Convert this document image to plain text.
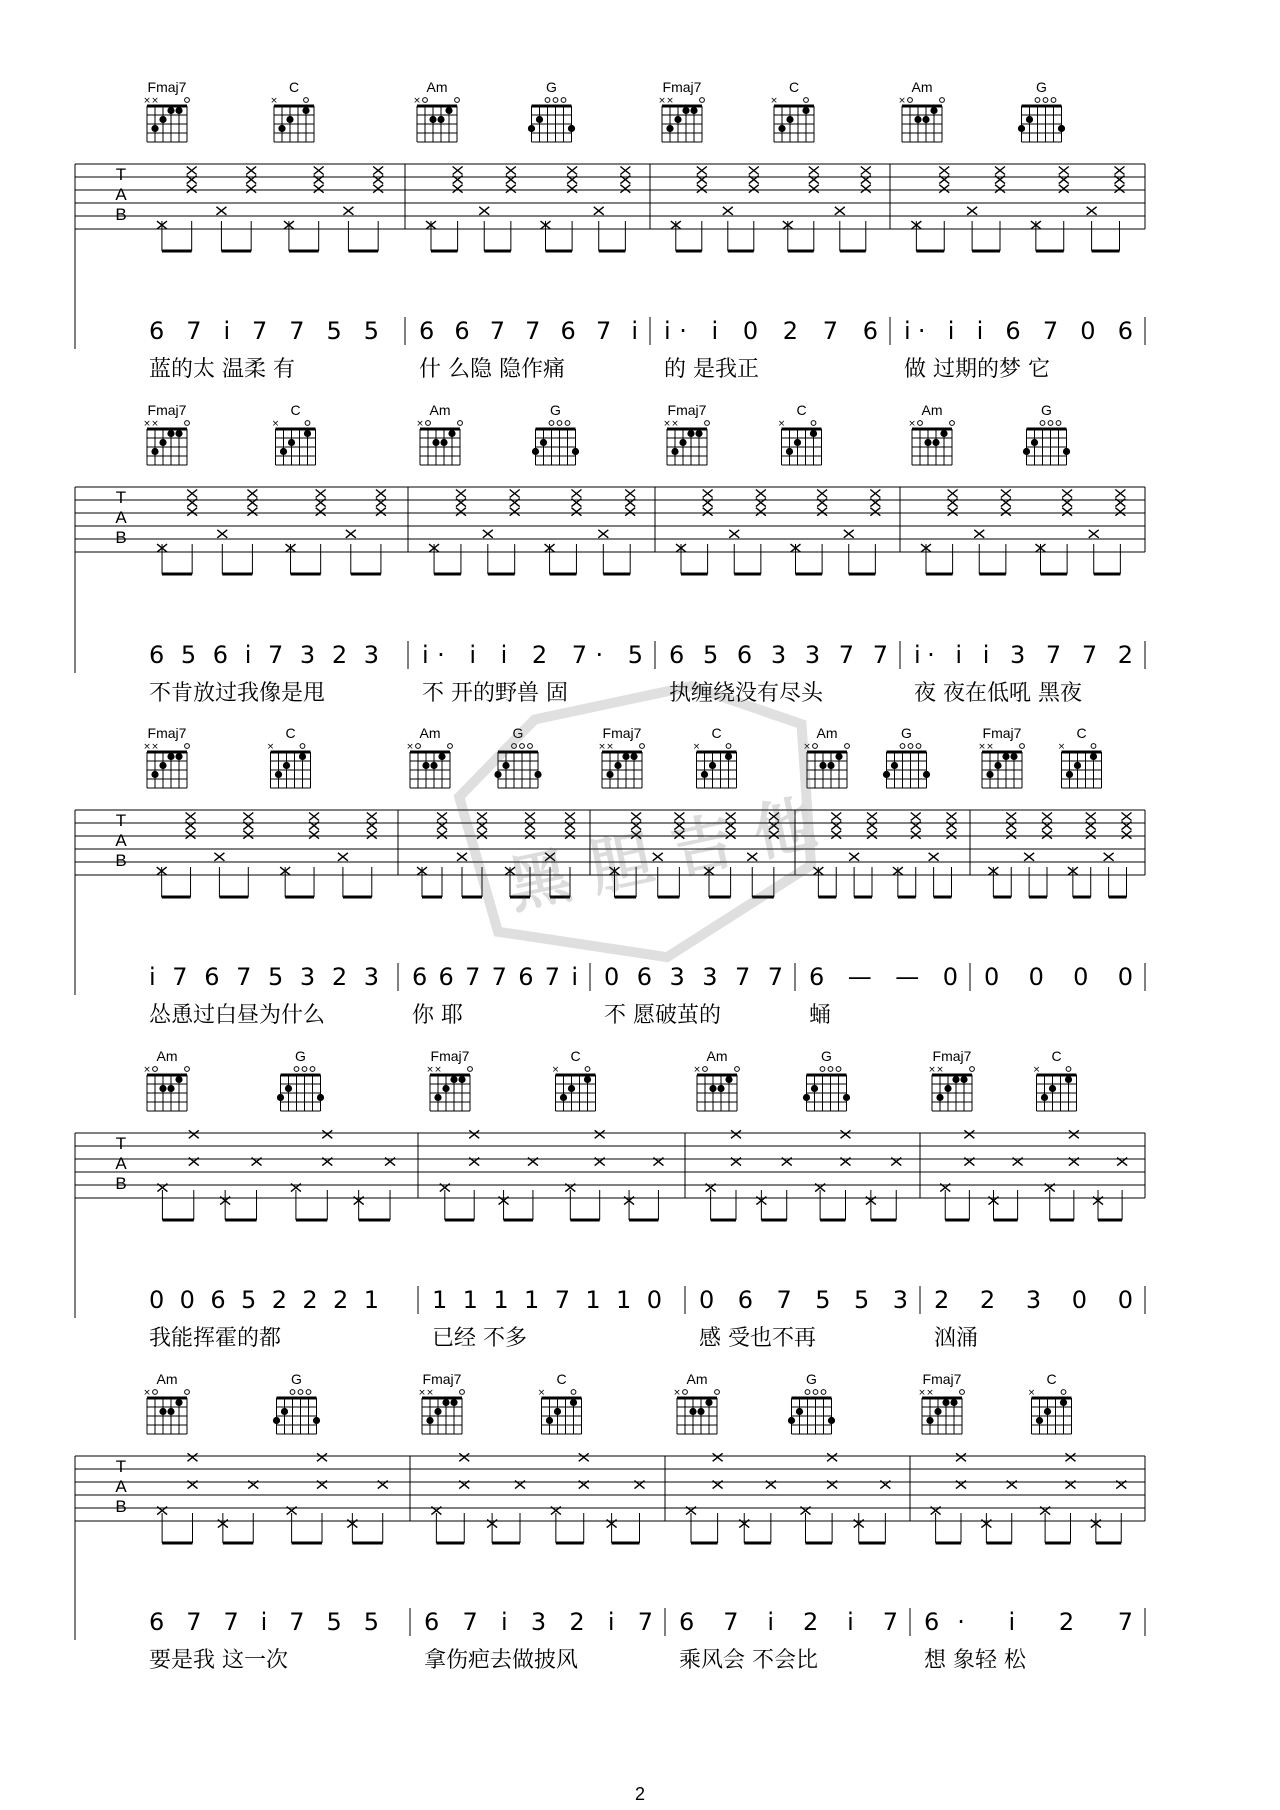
T
A
B
Fmaj7
× ×
C
×
Am
×
G	Fmaj7
× ×
C
×
Am
×
G
6 7 i 7 7 5 5
蓝的太 温柔 有
6 6 7 7 6 7 i
什 么隐 隐作痛
i· i 0 2 7 6
的 是我正
i· i i 6 7 0 6
做 过期的梦 它
T
A
B
Fmaj7
× ×
C
×
Am
×
G	Fmaj7
× ×
C
×
Am
×
G
6 5 6 i 7 3 2 3
不肯放过我像是甩
i· i i 2 7· 5
不 开的野兽 固
6 5 6 3 3 7 7
执缠绕没有尽头
i· i i 3 7 7 2
夜 夜在低吼 黑夜
T
A
B
Fmaj7
× ×
C
×
Am
×
G	Fmaj7
× ×
C
×
Am
×
G	Fmaj7
× ×
C
×
i 7 6 7 5 3 2 3
怂恿过白昼为什么
6 6 7 7 6 7 i
你 耶
0 6 3 3 7 7
不 愿破茧的
6 — — 0
蛹
0 0 0 0
T
A
B
Am
×
G	Fmaj7
× ×
C
×
Am
×
G	Fmaj7
× ×
C
×
0 0 6 5 2 2 2 1
我能挥霍的都
1 1 1 1 7 1 1 0
已经 不多
0 6 7 5 5 3
感 受也不再
2 2 3 0 0
汹涌
T
A
B
Am
×
G	Fmaj7
× ×
C
×
Am
×
G	Fmaj7
× ×
C
×
6 7 7 i 7 5 5
要是我 这一次
6 7 i 3 2 i 7
拿伤疤去做披风
6 7 i 2 i 7
乘风会 不会比
6· i 2 7
想 象轻 松
黑 胆 吉 他
2
